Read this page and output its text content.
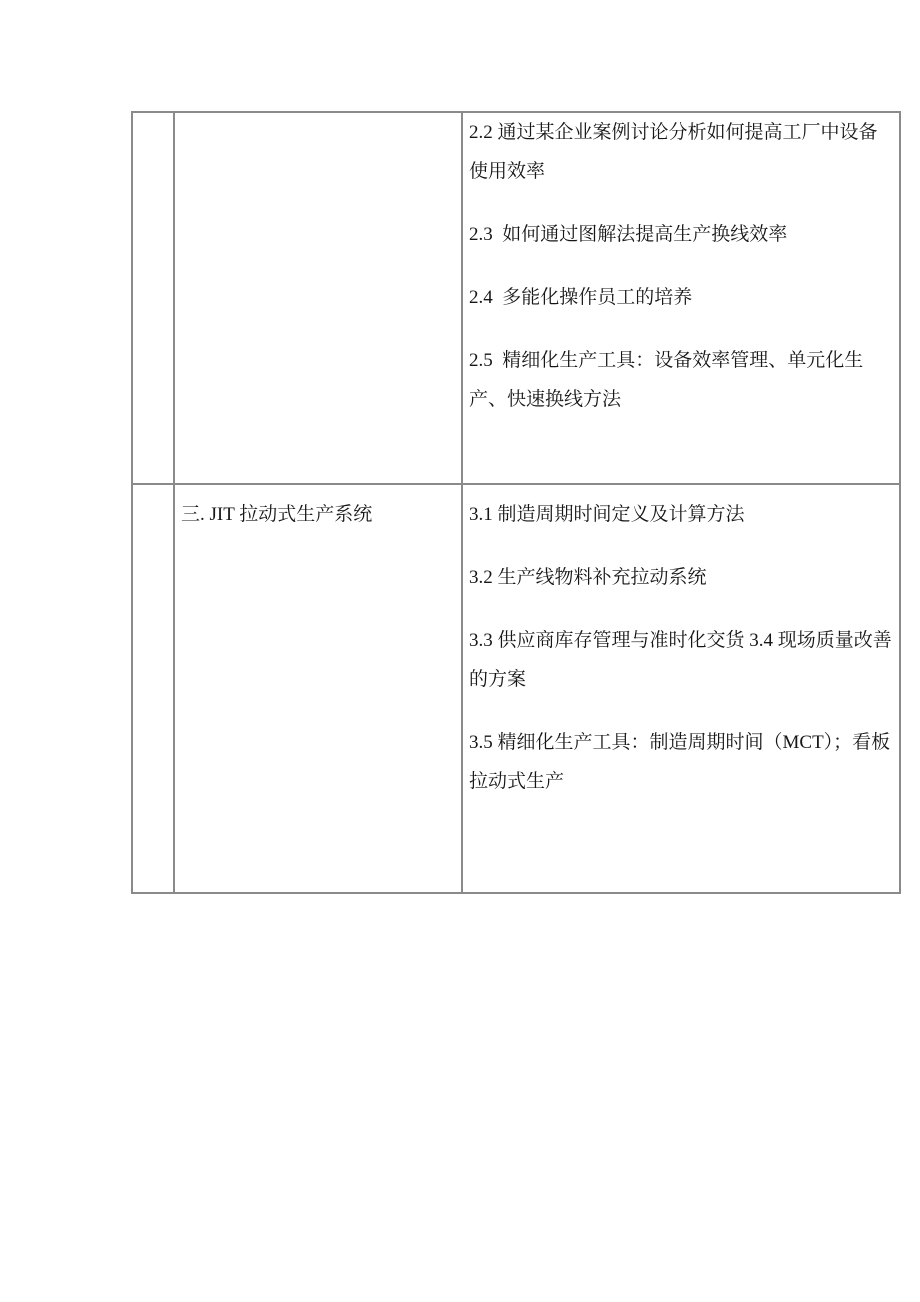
2.2 通过某企业案例讨论分析如何提高工厂中设备使用效率

2.3  如何通过图解法提高生产换线效率

2.4  多能化操作员工的培养

2.5  精细化生产工具：设备效率管理、单元化生产、快速换线方法

三. JIT 拉动式生产系统	3.1 制造周期时间定义及计算方法

3.2 生产线物料补充拉动系统

3.3 供应商库存管理与准时化交货 3.4 现场质量改善的方案

3.5 精细化生产工具：制造周期时间（MCT）；看板拉动式生产
